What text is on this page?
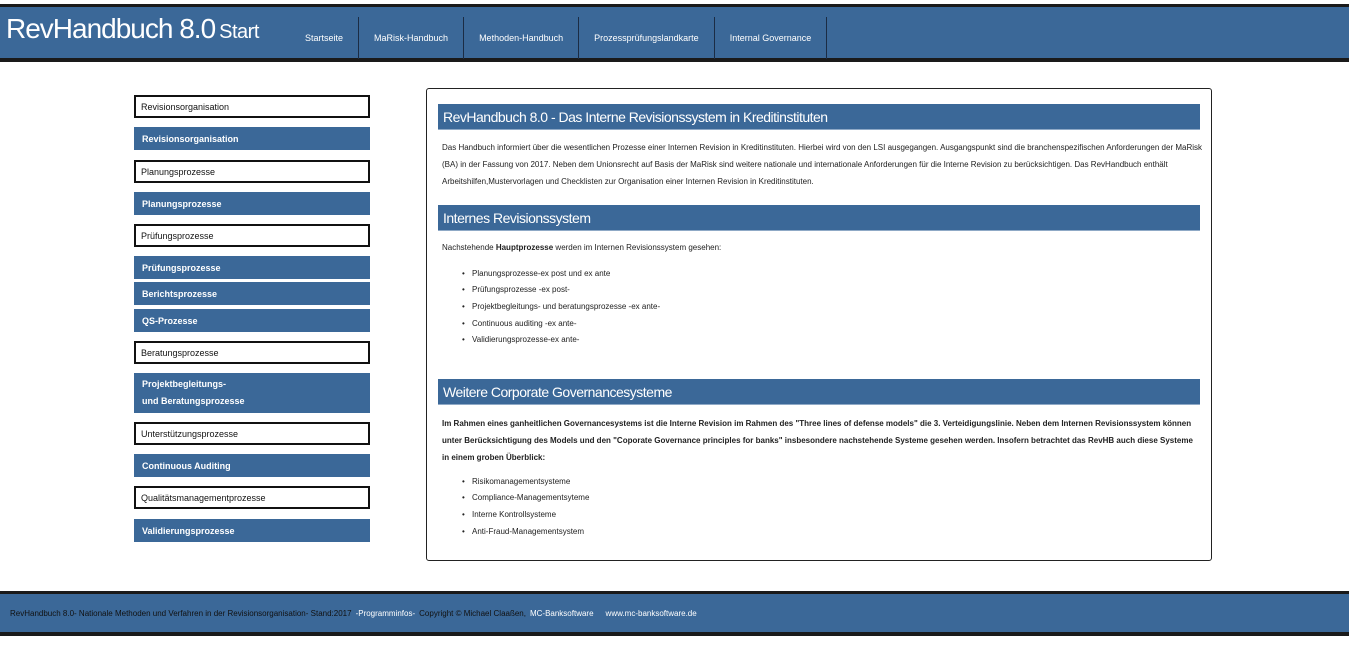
RevHandbuch 8.0 Start	Startseite	MaRisk-Handbuch	Methoden-Handbuch	Prozessprüfungslandkarte	Internal Governance
Revisionsorganisation
Revisionsorganisation
Planungsprozesse
Planungsprozesse
Prüfungsprozesse
Prüfungsprozesse
Berichtsprozesse
QS-Prozesse
Beratungsprozesse
Projektbegleitungs-
und Beratungsprozesse
Unterstützungsprozesse
Continuous Auditing
Qualitätsmanagementprozesse
Validierungsprozesse
RevHandbuch 8.0 - Das Interne Revisionssystem in Kreditinstituten
Das Handbuch informiert über die wesentlichen Prozesse einer Internen Revision in Kreditinstituten. Hierbei wird von den LSI ausgegangen. Ausgangspunkt sind die branchenspezifischen Anforderungen der MaRisk (BA) in der Fassung von 2017. Neben dem Unionsrecht auf Basis der MaRisk sind weitere nationale und internationale Anforderungen für die Interne Revision zu berücksichtigen. Das RevHandbuch enthält Arbeitshilfen,Mustervorlagen und Checklisten zur Organisation einer Internen Revision in Kreditinstituten.
Internes Revisionssystem
Nachstehende Hauptprozesse werden im Internen Revisionssystem gesehen:
• Planungsprozesse-ex post und ex ante
• Prüfungsprozesse -ex post-
• Projektbegleitungs- und beratungsprozesse -ex ante-
• Continuous auditing -ex ante-
• Validierungsprozesse-ex ante-
Weitere Corporate Governancesysteme
Im Rahmen eines ganheitlichen Governancesystems ist die Interne Revision im Rahmen des "Three lines of defense models" die 3. Verteidigungslinie. Neben dem Internen Revisionssystem können unter Berücksichtigung des Models und den "Coporate Governance principles for banks" insbesondere nachstehende Systeme gesehen werden. Insofern betrachtet das RevHB auch diese Systeme in einem groben Überblick:
• Risikomanagementsysteme
• Compliance-Managementsyteme
• Interne Kontrollsysteme
• Anti-Fraud-Managementsystem
RevHandbuch 8.0- Nationale Methoden und Verfahren in der Revisionsorganisation- Stand:2017 -Programminfos- Copyright © Michael Claaßen, MC-Banksoftware www.mc-banksoftware.de
